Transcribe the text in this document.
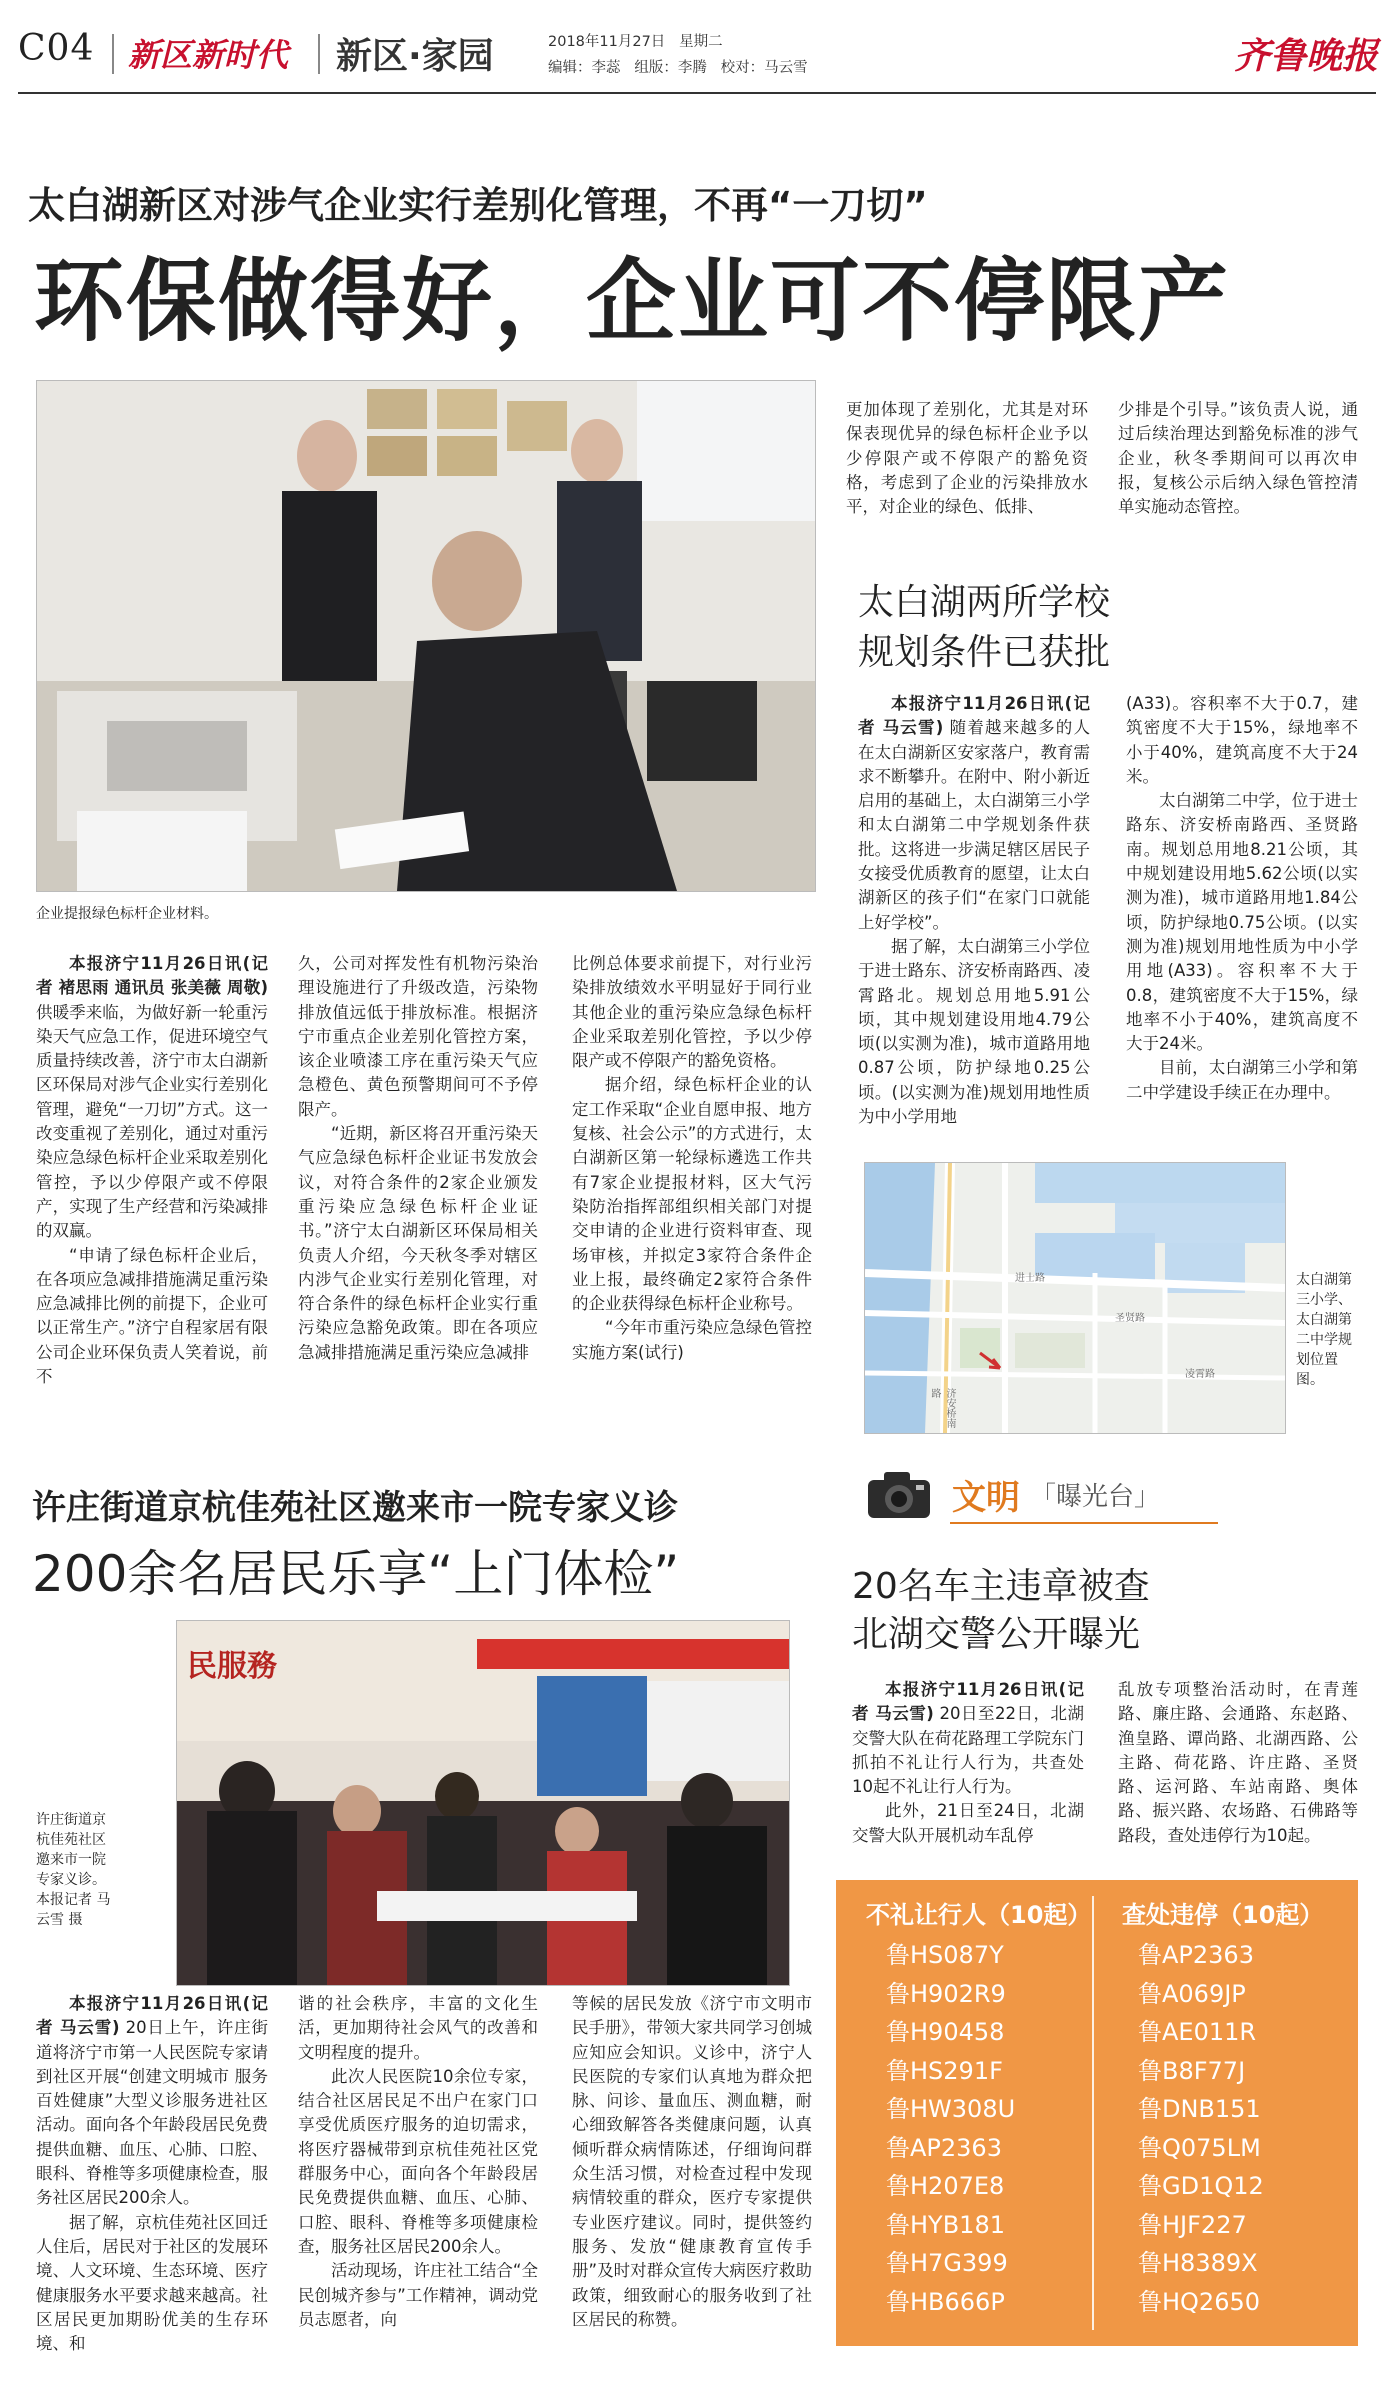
C04 新区新时代 新区·家园	2018年11月27日   星期二
编辑：李蕊   组版：李腾   校对：马云雪	齐鲁晚报
太白湖新区对涉气企业实行差别化管理，不再“一刀切”
环保做得好，企业可不停限产
企业提报绿色标杆企业材料。

本报济宁11月26日讯(记者 褚思雨 通讯员 张美薇 周敬)供暖季来临，为做好新一轮重污染天气应急工作，促进环境空气质量持续改善，济宁市太白湖新区环保局对涉气企业实行差别化管理，避免“一刀切”方式。这一改变重视了差别化，通过对重污染应急绿色标杆企业采取差别化管控，予以少停限产或不停限产，实现了生产经营和污染减排的双赢。

“申请了绿色标杆企业后，在各项应急减排措施满足重污染应急减排比例的前提下，企业可以正常生产。”济宁自程家居有限公司企业环保负责人笑着说，前不

久，公司对挥发性有机物污染治理设施进行了升级改造，污染物排放值远低于排放标准。根据济宁市重点企业差别化管控方案，该企业喷漆工序在重污染天气应急橙色、黄色预警期间可不予停限产。

“近期，新区将召开重污染天气应急绿色标杆企业证书发放会议，对符合条件的2家企业颁发重污染应急绿色标杆企业证书。”济宁太白湖新区环保局相关负责人介绍，今天秋冬季对辖区内涉气企业实行差别化管理，对符合条件的绿色标杆企业实行重污染应急豁免政策。即在各项应急减排措施满足重污染应急减排

比例总体要求前提下，对行业污染排放绩效水平明显好于同行业其他企业的重污染应急绿色标杆企业采取差别化管控，予以少停限产或不停限产的豁免资格。

据介绍，绿色标杆企业的认定工作采取“企业自愿申报、地方复核、社会公示”的方式进行，太白湖新区第一轮绿标遴选工作共有7家企业提报材料，区大气污染防治指挥部组织相关部门对提交申请的企业进行资料审查、现场审核，并拟定3家符合条件企业上报，最终确定2家符合条件的企业获得绿色标杆企业称号。

“今年市重污染应急绿色管控实施方案(试行)

更加体现了差别化，尤其是对环保表现优异的绿色标杆企业予以少停限产或不停限产的豁免资格，考虑到了企业的污染排放水平，对企业的绿色、低排、

少排是个引导。”该负责人说，通过后续治理达到豁免标准的涉气企业，秋冬季期间可以再次申报，复核公示后纳入绿色管控清单实施动态管控。

太白湖两所学校
规划条件已获批

本报济宁11月26日讯(记者 马云雪) 随着越来越多的人在太白湖新区安家落户，教育需求不断攀升。在附中、附小新近启用的基础上，太白湖第三小学和太白湖第二中学规划条件获批。这将进一步满足辖区居民子女接受优质教育的愿望，让太白湖新区的孩子们“在家门口就能上好学校”。

据了解，太白湖第三小学位于进士路东、济安桥南路西、凌霄路北。规划总用地5.91公顷，其中规划建设用地4.79公顷(以实测为准)，城市道路用地0.87公顷，防护绿地0.25公顷。(以实测为准)规划用地性质为中小学用地

(A33)。容积率不大于0.7，建筑密度不大于15%，绿地率不小于40%，建筑高度不大于24米。

太白湖第二中学，位于进士路东、济安桥南路西、圣贤路南。规划总用地8.21公顷，其中规划建设用地5.62公顷(以实测为准)，城市道路用地1.84公顷，防护绿地0.75公顷。(以实测为准)规划用地性质为中小学用地(A33)。容积率不大于0.8，建筑密度不大于15%，绿地率不小于40%，建筑高度不大于24米。

目前，太白湖第三小学和第二中学建设手续正在办理中。

进士路
济安桥南路
圣贤路
凌霄路
太白湖第三小学、太白湖第二中学规划位置图。
许庄街道京杭佳苑社区邀来市一院专家义诊
200余名居民乐享“上门体检”
民服務
许庄街道京杭佳苑社区邀来市一院专家义诊。 本报记者 马云雪 摄

本报济宁11月26日讯(记者 马云雪) 20日上午，许庄街道将济宁市第一人民医院专家请到社区开展“创建文明城市 服务百姓健康”大型义诊服务进社区活动。面向各个年龄段居民免费提供血糖、血压、心肺、口腔、眼科、脊椎等多项健康检查，服务社区居民200余人。

据了解，京杭佳苑社区回迁人住后，居民对于社区的发展环境、人文环境、生态环境、医疗健康服务水平要求越来越高。社区居民更加期盼优美的生存环境、和

谐的社会秩序，丰富的文化生活，更加期待社会风气的改善和文明程度的提升。

此次人民医院10余位专家，结合社区居民足不出户在家门口享受优质医疗服务的迫切需求，将医疗器械带到京杭佳苑社区党群服务中心，面向各个年龄段居民免费提供血糖、血压、心肺、口腔、眼科、脊椎等多项健康检查，服务社区居民200余人。

活动现场，许庄社工结合“全民创城齐参与”工作精神，调动党员志愿者，向

等候的居民发放《济宁市文明市民手册》，带领大家共同学习创城应知应会知识。义诊中，济宁人民医院的专家们认真地为群众把脉、问诊、量血压、测血糖，耐心细致解答各类健康问题，认真倾听群众病情陈述，仔细询问群众生活习惯，对检查过程中发现病情较重的群众，医疗专家提供专业医疗建议。同时，提供签约服务、发放“健康教育宣传手册”及时对群众宣传大病医疗救助政策，细致耐心的服务收到了社区居民的称赞。

文明 「曝光台」
20名车主违章被查
北湖交警公开曝光

本报济宁11月26日讯(记者 马云雪) 20日至22日，北湖交警大队在荷花路理工学院东门抓拍不礼让行人行为，共查处10起不礼让行人行为。

此外，21日至24日，北湖交警大队开展机动车乱停

乱放专项整治活动时，在青莲路、廉庄路、会通路、东赵路、渔皇路、谭尚路、北湖西路、公主路、荷花路、许庄路、圣贤路、运河路、车站南路、奥体路、振兴路、农场路、石佛路等路段，查处违停行为10起。

不礼让行人（10起） 查处违停（10起）
鲁HS087Y
鲁H902R9
鲁H90458
鲁HS291F
鲁HW308U
鲁AP2363
鲁H207E8
鲁HYB181
鲁H7G399
鲁HB666P
鲁AP2363
鲁A069JP
鲁AE011R
鲁B8F77J
鲁DNB151
鲁Q075LM
鲁GD1Q12
鲁HJF227
鲁H8389X
鲁HQ2650
